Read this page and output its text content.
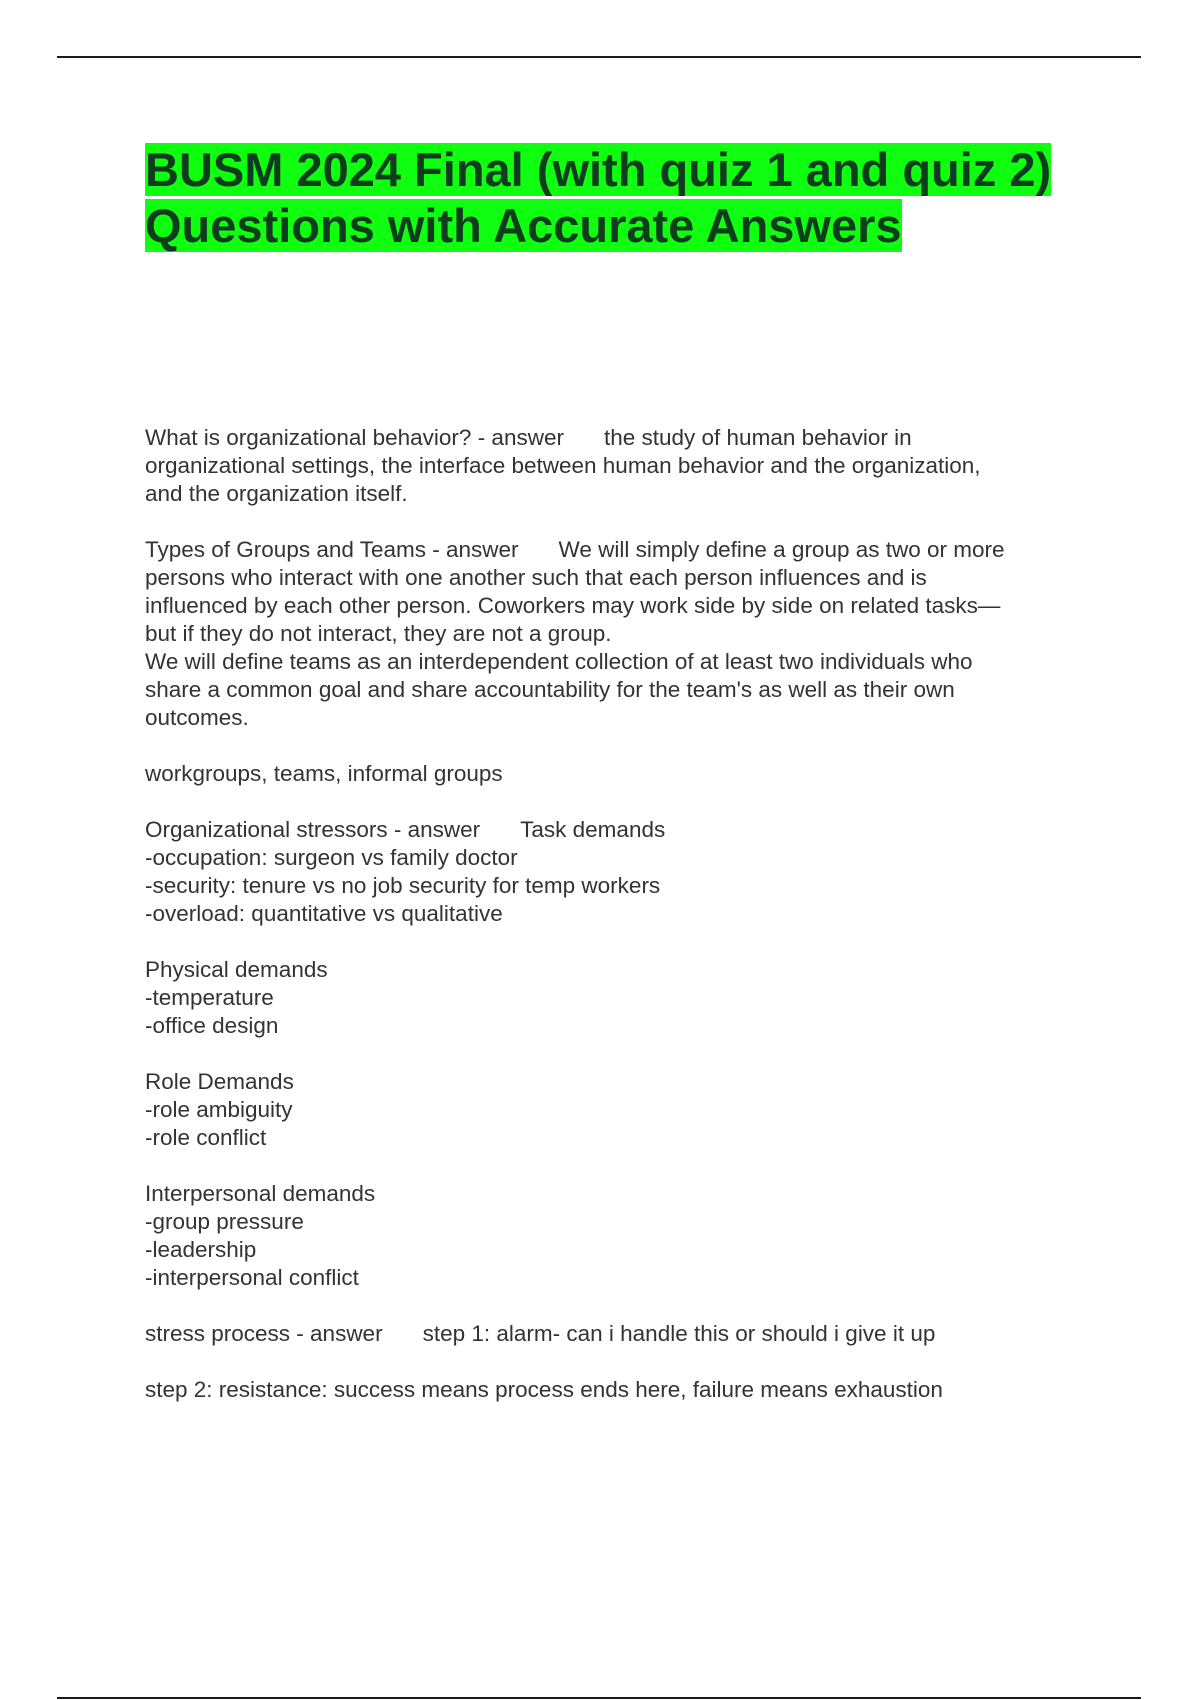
BUSM 2024 Final (with quiz 1 and quiz 2)
Questions with Accurate Answers
What is organizational behavior? - answer the study of human behavior in
organizational settings, the interface between human behavior and the organization,
and the organization itself.
Types of Groups and Teams - answer We will simply define a group as two or more
persons who interact with one another such that each person influences and is
influenced by each other person. Coworkers may work side by side on related tasks—
but if they do not interact, they are not a group.
We will define teams as an interdependent collection of at least two individuals who
share a common goal and share accountability for the team's as well as their own
outcomes.
workgroups, teams, informal groups
Organizational stressors - answer Task demands
-occupation: surgeon vs family doctor
-security: tenure vs no job security for temp workers
-overload: quantitative vs qualitative
Physical demands
-temperature
-office design
Role Demands
-role ambiguity
-role conflict
Interpersonal demands
-group pressure
-leadership
-interpersonal conflict
stress process - answer step 1: alarm- can i handle this or should i give it up
step 2: resistance: success means process ends here, failure means exhaustion
